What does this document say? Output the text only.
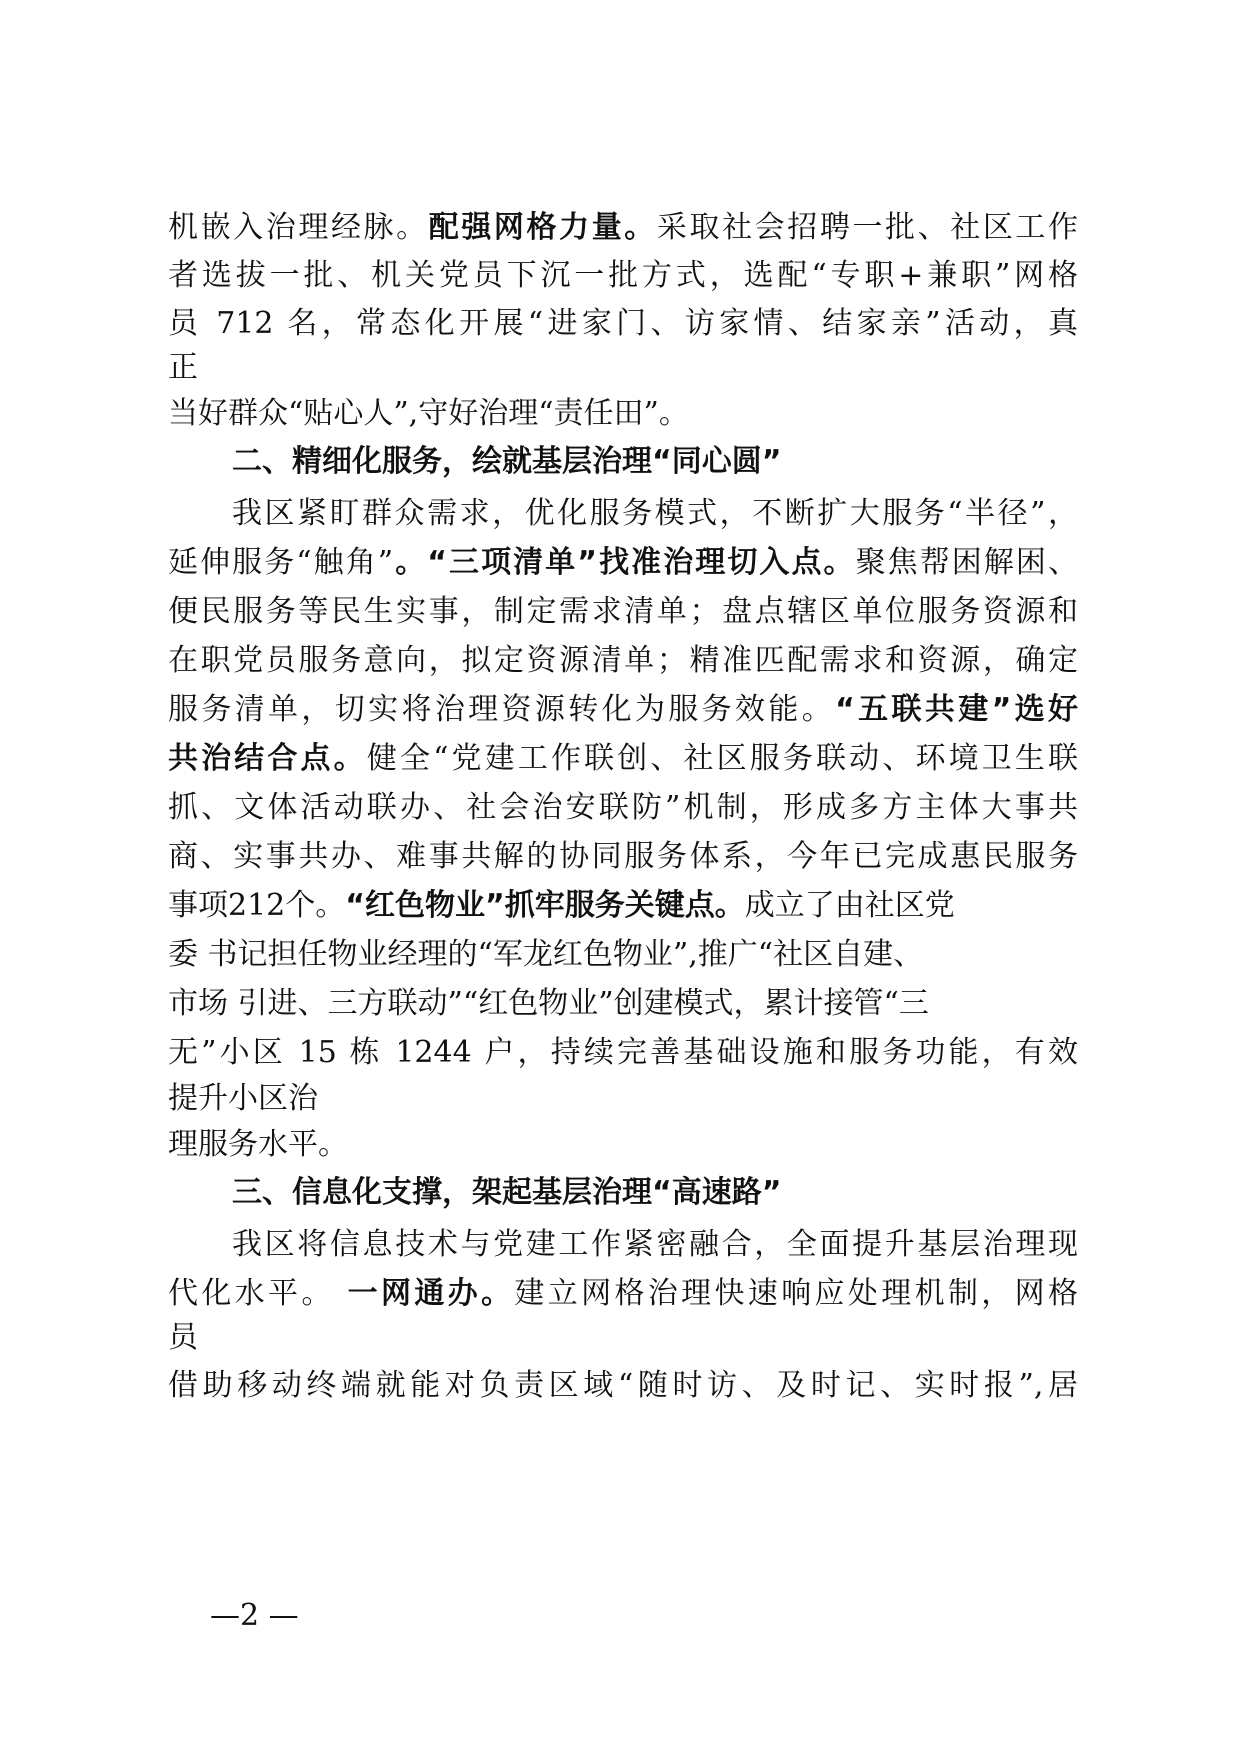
机嵌入治理经脉。配强网格力量。采取社会招聘一批、社区工作

者选拔一批、机关党员下沉一批方式，选配“专职+兼职”网格

员 712 名，常态化开展“进家门、访家情、结家亲”活动，真

正

当好群众“贴心人”,守好治理“责任田”。

二、精细化服务，绘就基层治理“同心圆”

我区紧盯群众需求，优化服务模式，不断扩大服务“半径”，

延伸服务“触角”。“三项清单”找准治理切入点。聚焦帮困解困、

便民服务等民生实事，制定需求清单；盘点辖区单位服务资源和

在职党员服务意向，拟定资源清单；精准匹配需求和资源，确定

服务清单，切实将治理资源转化为服务效能。“五联共建”选好

共治结合点。健全“党建工作联创、社区服务联动、环境卫生联

抓、文体活动联办、社会治安联防”机制，形成多方主体大事共

商、实事共办、难事共解的协同服务体系，今年已完成惠民服务

事项212个。“红色物业”抓牢服务关键点。成立了由社区党

委 书记担任物业经理的“军龙红色物业”,推广“社区自建、

市场 引进、三方联动”“红色物业”创建模式，累计接管“三

无”小区 15 栋 1244 户，持续完善基础设施和服务功能，有效

提升小区治

理服务水平。

三、信息化支撑，架起基层治理“高速路”

我区将信息技术与党建工作紧密融合，全面提升基层治理现

代化水平。 一网通办。建立网格治理快速响应处理机制，网格

员

借助移动终端就能对负责区域“随时访、及时记、实时报”,居

—2 —
